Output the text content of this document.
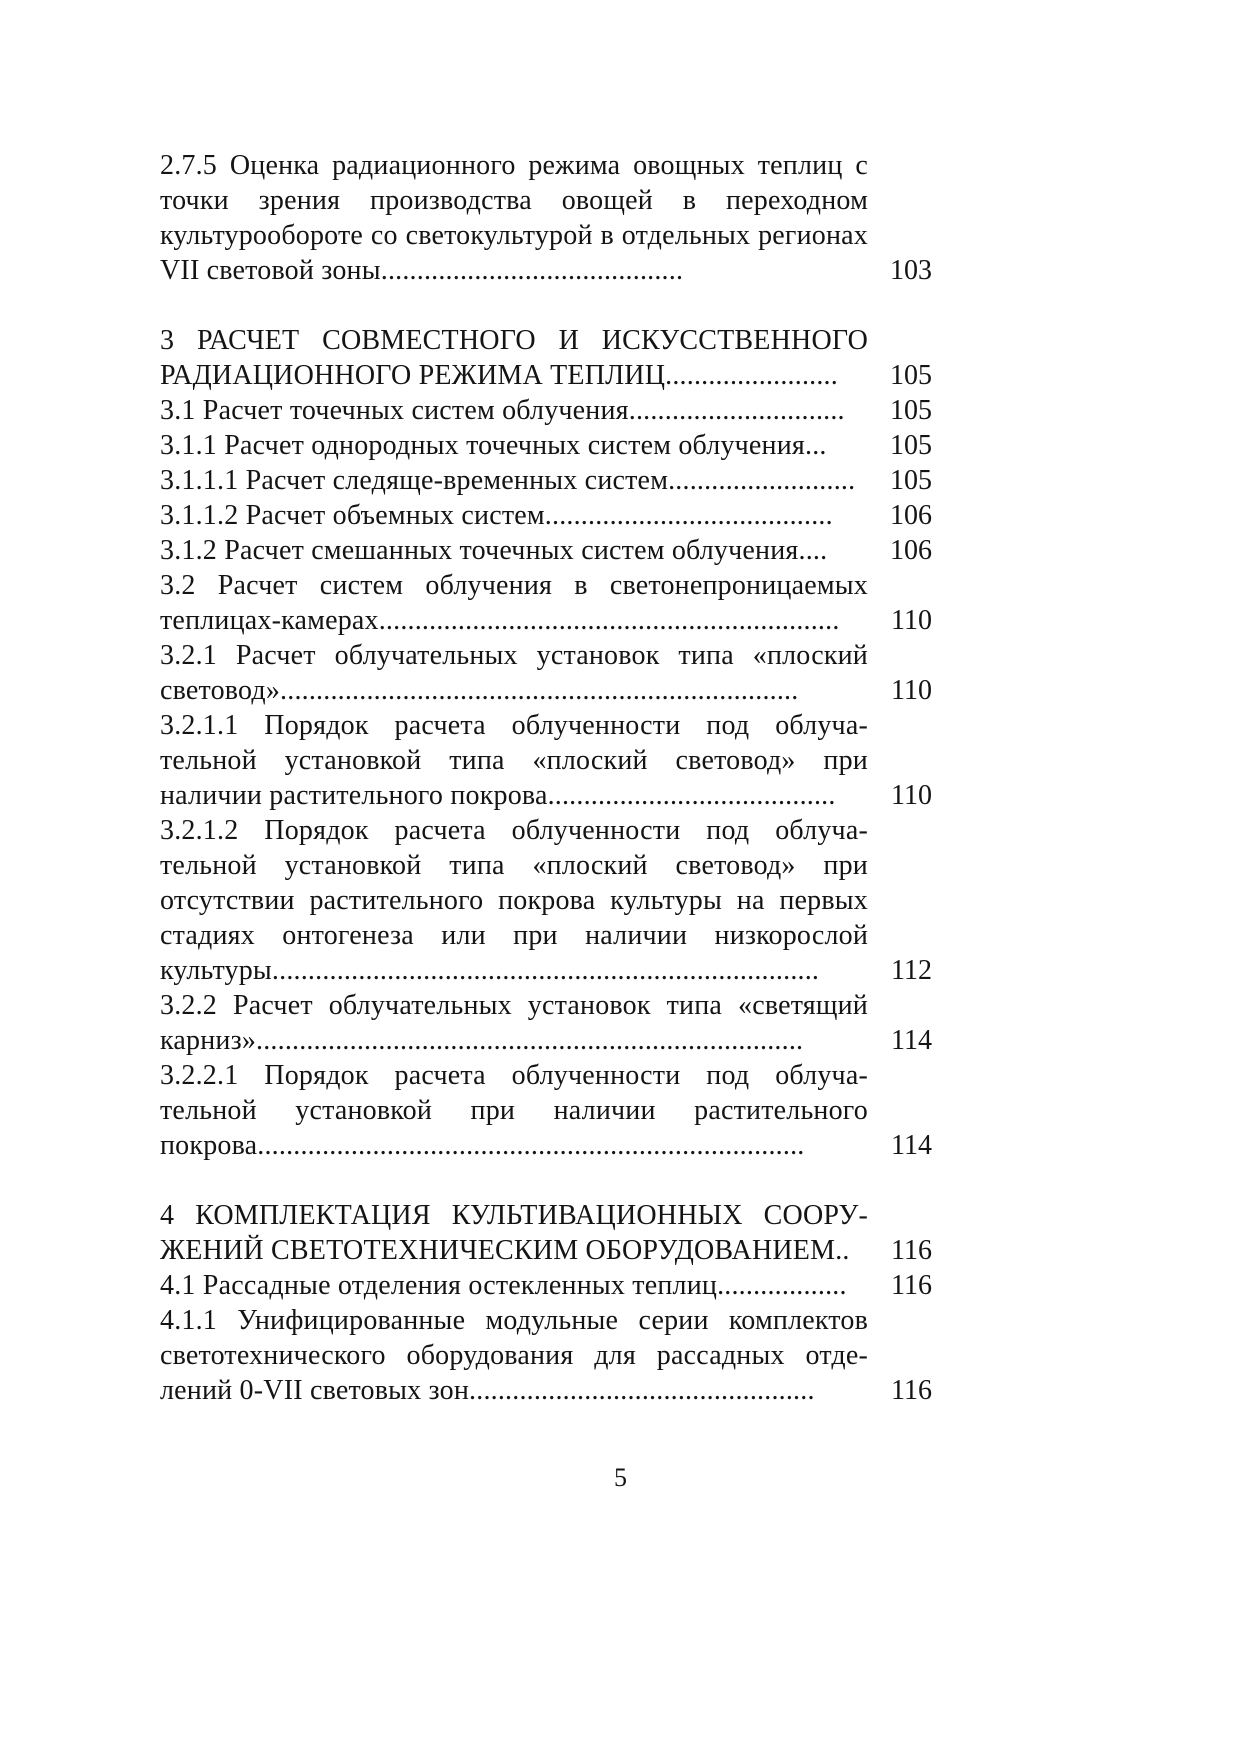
2.7.5 Оценка радиационного режима овощных теплиц с точки зрения производства овощей в переходном культурообороте со светокультурой в отдельных регионах VII световой зоны..........................................	103
3 РАСЧЕТ СОВМЕСТНОГО И ИСКУССТВЕННОГО РАДИАЦИОННОГО РЕЖИМА ТЕПЛИЦ........................	105
3.1 Расчет точечных систем облучения..............................	105
3.1.1 Расчет однородных точечных систем облучения...	105
3.1.1.1 Расчет следяще-временных систем..........................	105
3.1.1.2 Расчет объемных систем........................................	106
3.1.2 Расчет смешанных точечных систем облучения....	106
3.2 Расчет систем облучения в светонепроницаемых теплицах-камерах................................................................	110
3.2.1 Расчет облучательных установок типа «плоский световод»........................................................................	110
3.2.1.1 Порядок расчета облученности под облуча-тельной установкой типа «плоский световод» при наличии растительного покрова........................................	110
3.2.1.2 Порядок расчета облученности под облуча-тельной установкой типа «плоский световод» при отсутствии растительного покрова культуры на первых стадиях онтогенеза или при наличии низкорослой культуры............................................................................	112
3.2.2 Расчет облучательных установок типа «светящий карниз»............................................................................	114
3.2.2.1 Порядок расчета облученности под облуча-тельной установкой при наличии растительного покрова............................................................................	114
4 КОМПЛЕКТАЦИЯ КУЛЬТИВАЦИОННЫХ СООРУ-ЖЕНИЙ СВЕТОТЕХНИЧЕСКИМ ОБОРУДОВАНИЕМ..	116
4.1 Рассадные отделения остекленных теплиц..................	116
4.1.1 Унифицированные модульные серии комплектов светотехнического оборудования для рассадных отде-лений 0-VII световых зон................................................	116
5
